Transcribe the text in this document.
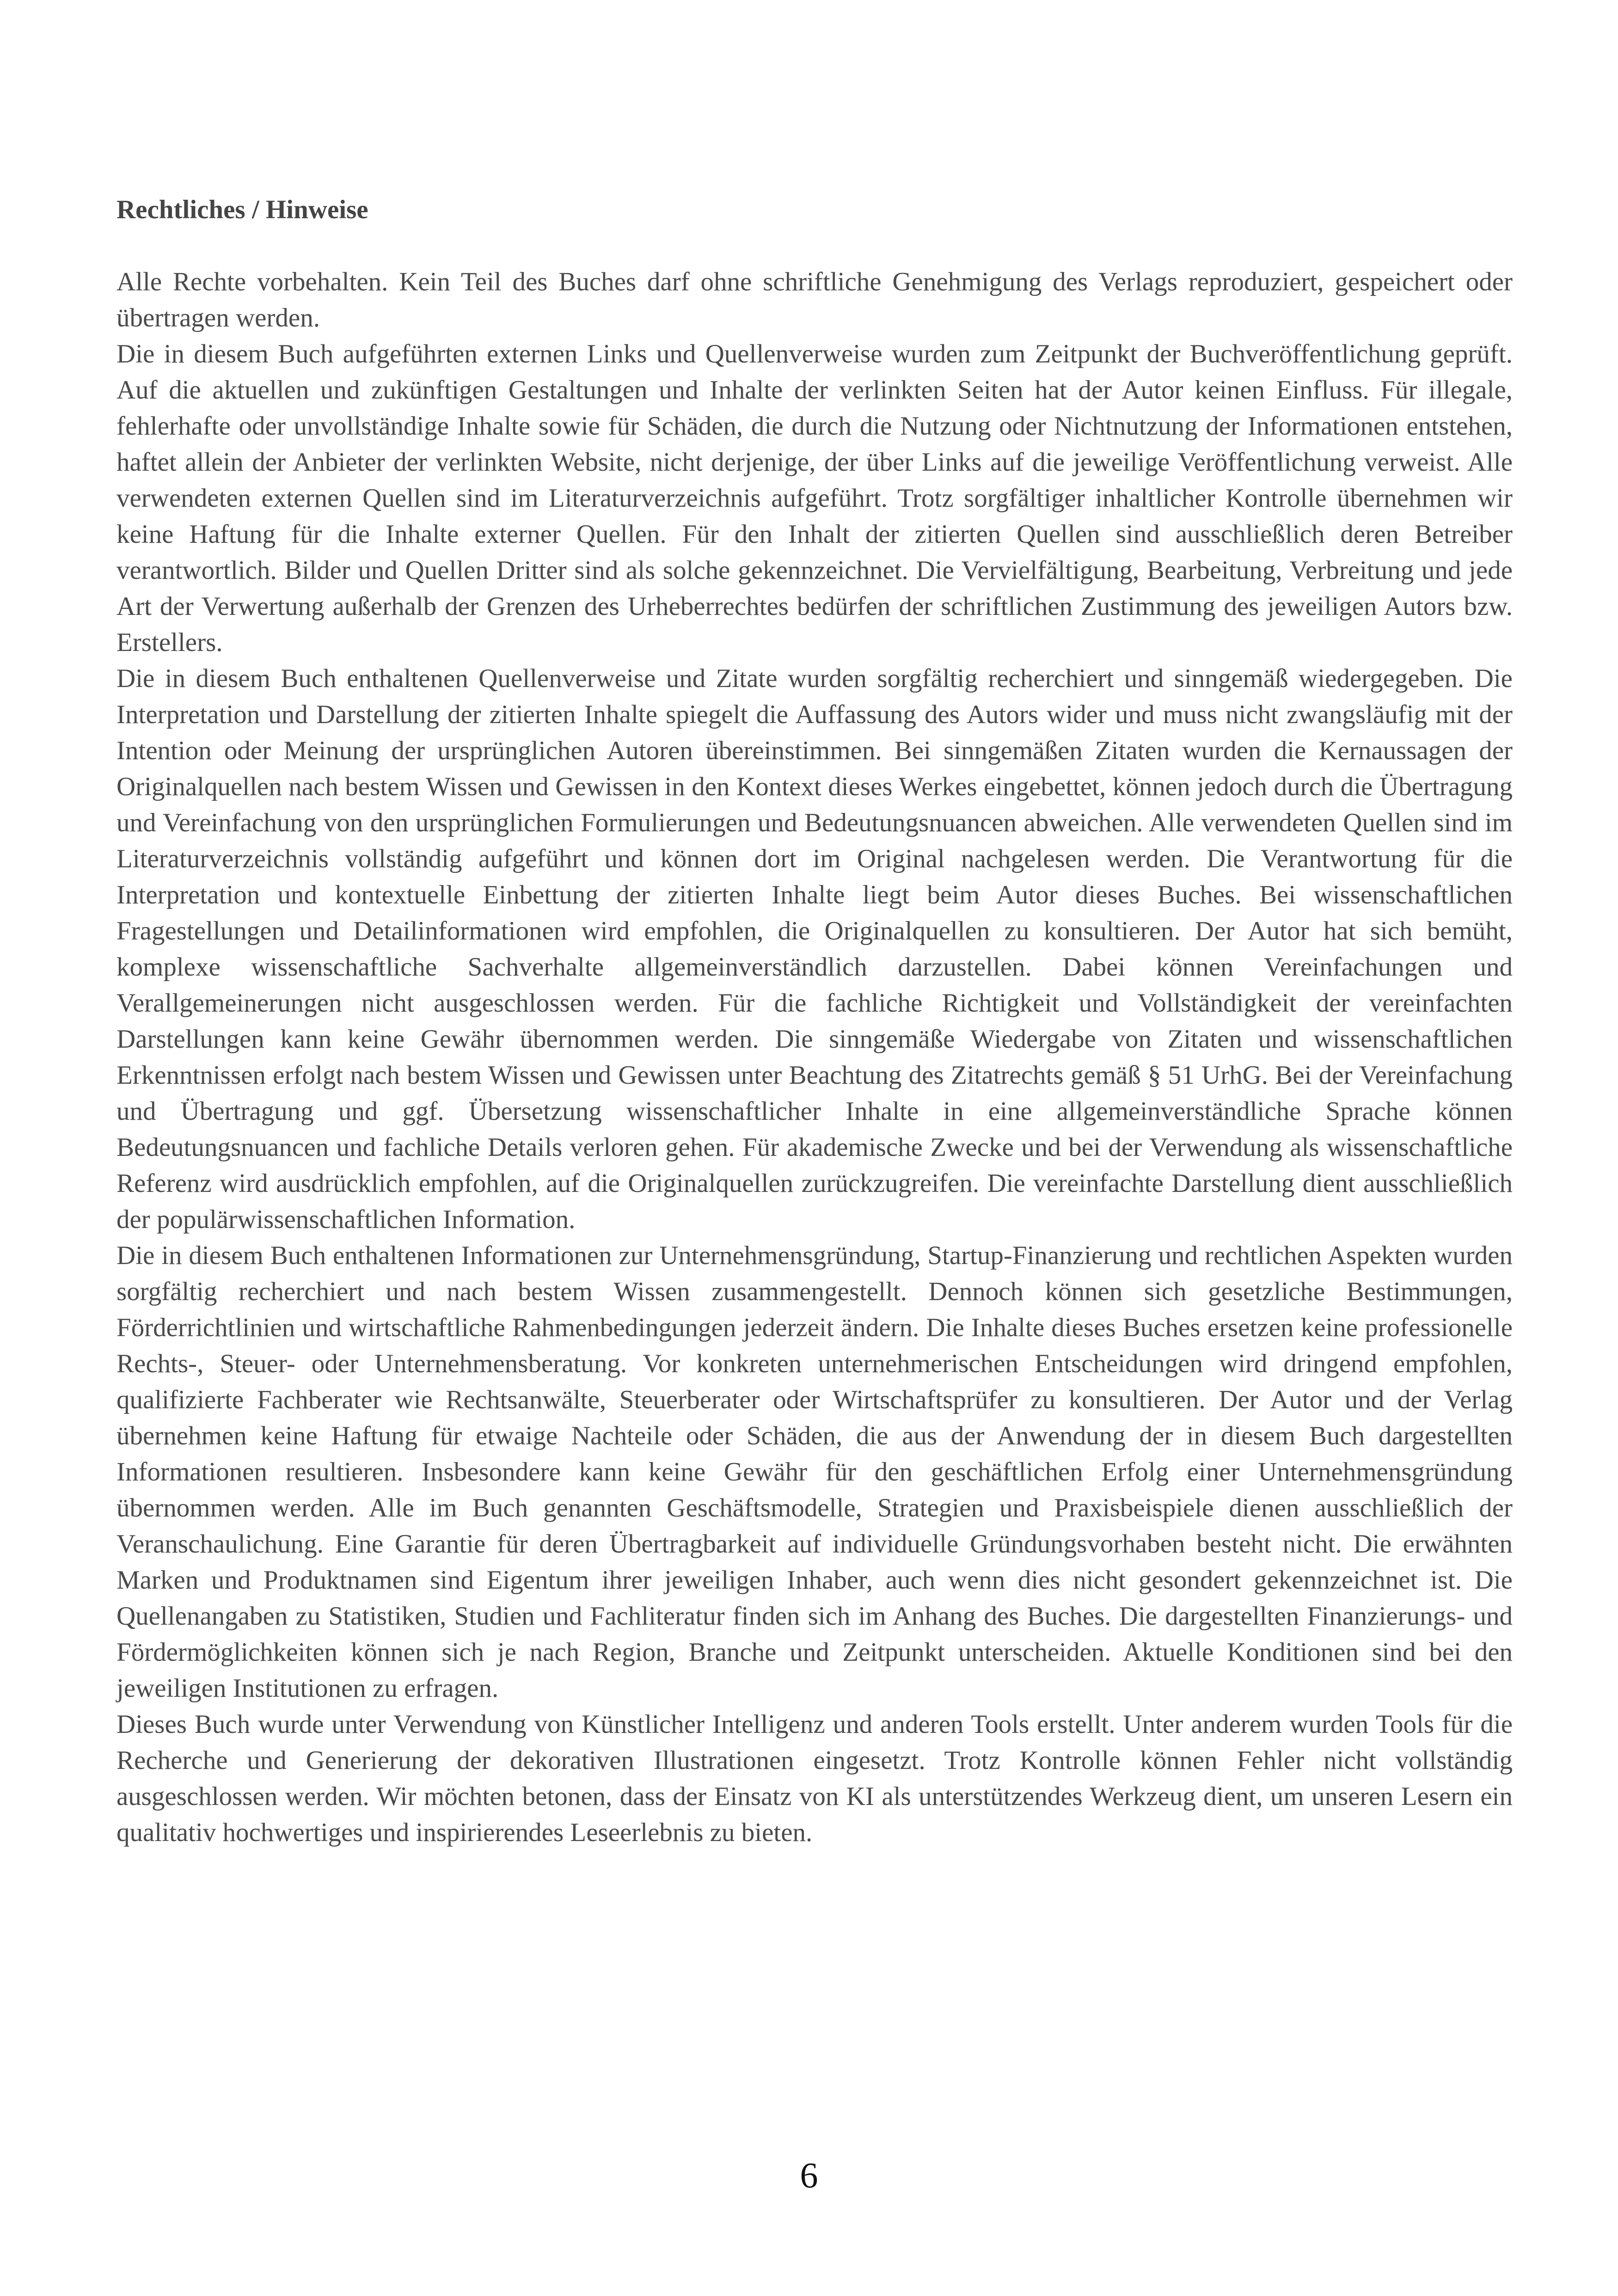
Rechtliches / Hinweise

Alle Rechte vorbehalten. Kein Teil des Buches darf ohne schriftliche Genehmigung des Verlags reproduziert, gespeichert oder übertragen werden.

Die in diesem Buch aufgeführten externen Links und Quellenverweise wurden zum Zeitpunkt der Buchveröffentlichung geprüft. Auf die aktuellen und zukünftigen Gestaltungen und Inhalte der verlinkten Seiten hat der Autor keinen Einfluss. Für illegale, fehlerhafte oder unvollständige Inhalte sowie für Schäden, die durch die Nutzung oder Nichtnutzung der Informationen entstehen, haftet allein der Anbieter der verlinkten Website, nicht derjenige, der über Links auf die jeweilige Veröffentlichung verweist. Alle verwendeten externen Quellen sind im Literaturverzeichnis aufgeführt. Trotz sorgfältiger inhaltlicher Kontrolle übernehmen wir keine Haftung für die Inhalte externer Quellen. Für den Inhalt der zitierten Quellen sind ausschließlich deren Betreiber verantwortlich. Bilder und Quellen Dritter sind als solche gekennzeichnet. Die Vervielfältigung, Bearbeitung, Verbreitung und jede Art der Verwertung außerhalb der Grenzen des Urheberrechtes bedürfen der schriftlichen Zustimmung des jeweiligen Autors bzw. Erstellers.

Die in diesem Buch enthaltenen Quellenverweise und Zitate wurden sorgfältig recherchiert und sinngemäß wiedergegeben. Die Interpretation und Darstellung der zitierten Inhalte spiegelt die Auffassung des Autors wider und muss nicht zwangsläufig mit der Intention oder Meinung der ursprünglichen Autoren übereinstimmen. Bei sinngemäßen Zitaten wurden die Kernaussagen der Originalquellen nach bestem Wissen und Gewissen in den Kontext dieses Werkes eingebettet, können jedoch durch die Übertragung und Vereinfachung von den ursprünglichen Formulierungen und Bedeutungsnuancen abweichen. Alle verwendeten Quellen sind im Literaturverzeichnis vollständig aufgeführt und können dort im Original nachgelesen werden. Die Verantwortung für die Interpretation und kontextuelle Einbettung der zitierten Inhalte liegt beim Autor dieses Buches. Bei wissenschaftlichen Fragestellungen und Detailinformationen wird empfohlen, die Originalquellen zu konsultieren. Der Autor hat sich bemüht, komplexe wissenschaftliche Sachverhalte allgemeinverständlich darzustellen. Dabei können Vereinfachungen und Verallgemeinerungen nicht ausgeschlossen werden. Für die fachliche Richtigkeit und Vollständigkeit der vereinfachten Darstellungen kann keine Gewähr übernommen werden. Die sinngemäße Wiedergabe von Zitaten und wissenschaftlichen Erkenntnissen erfolgt nach bestem Wissen und Gewissen unter Beachtung des Zitatrechts gemäß § 51 UrhG. Bei der Vereinfachung und Übertragung und ggf. Übersetzung wissenschaftlicher Inhalte in eine allgemeinverständliche Sprache können Bedeutungsnuancen und fachliche Details verloren gehen. Für akademische Zwecke und bei der Verwendung als wissenschaftliche Referenz wird ausdrücklich empfohlen, auf die Originalquellen zurückzugreifen. Die vereinfachte Darstellung dient ausschließlich der populärwissenschaftlichen Information.

Die in diesem Buch enthaltenen Informationen zur Unternehmensgründung, Startup-Finanzierung und rechtlichen Aspekten wurden sorgfältig recherchiert und nach bestem Wissen zusammengestellt. Dennoch können sich gesetzliche Bestimmungen, Förderrichtlinien und wirtschaftliche Rahmenbedingungen jederzeit ändern. Die Inhalte dieses Buches ersetzen keine professionelle Rechts-, Steuer- oder Unternehmensberatung. Vor konkreten unternehmerischen Entscheidungen wird dringend empfohlen, qualifizierte Fachberater wie Rechtsanwälte, Steuerberater oder Wirtschaftsprüfer zu konsultieren. Der Autor und der Verlag übernehmen keine Haftung für etwaige Nachteile oder Schäden, die aus der Anwendung der in diesem Buch dargestellten Informationen resultieren. Insbesondere kann keine Gewähr für den geschäftlichen Erfolg einer Unternehmensgründung übernommen werden. Alle im Buch genannten Geschäftsmodelle, Strategien und Praxisbeispiele dienen ausschließlich der Veranschaulichung. Eine Garantie für deren Übertragbarkeit auf individuelle Gründungsvorhaben besteht nicht. Die erwähnten Marken und Produktnamen sind Eigentum ihrer jeweiligen Inhaber, auch wenn dies nicht gesondert gekennzeichnet ist. Die Quellenangaben zu Statistiken, Studien und Fachliteratur finden sich im Anhang des Buches. Die dargestellten Finanzierungs- und Fördermöglichkeiten können sich je nach Region, Branche und Zeitpunkt unterscheiden. Aktuelle Konditionen sind bei den jeweiligen Institutionen zu erfragen.

Dieses Buch wurde unter Verwendung von Künstlicher Intelligenz und anderen Tools erstellt. Unter anderem wurden Tools für die Recherche und Generierung der dekorativen Illustrationen eingesetzt. Trotz Kontrolle können Fehler nicht vollständig ausgeschlossen werden. Wir möchten betonen, dass der Einsatz von KI als unterstützendes Werkzeug dient, um unseren Lesern ein qualitativ hochwertiges und inspirierendes Leseerlebnis zu bieten.

6
